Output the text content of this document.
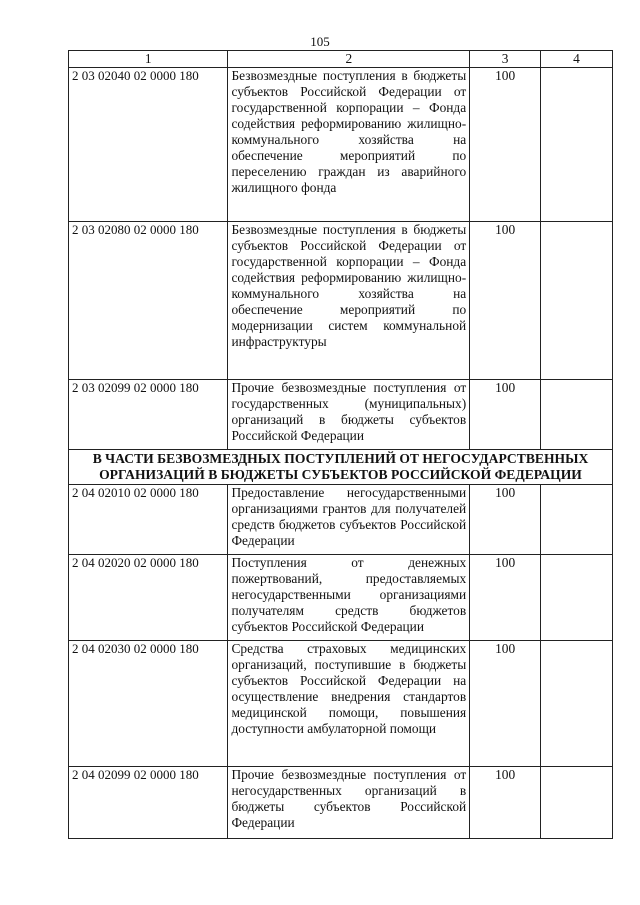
105
1	2	3	4
2 03 02040 02 0000 180	Безвозмездные поступления в бюджеты субъектов Российской Федерации от государственной корпорации – Фонда содействия реформированию жилищно-коммунального хозяйства на обеспечение мероприятий по переселению граждан из аварийного жилищного фонда	100	
2 03 02080 02 0000 180	Безвозмездные поступления в бюджеты субъектов Российской Федерации от государственной корпорации – Фонда содействия реформированию жилищно-коммунального хозяйства на обеспечение мероприятий по модернизации систем коммунальной инфраструктуры	100	
2 03 02099 02 0000 180	Прочие безвозмездные поступления от государственных (муниципальных) организаций в бюджеты субъектов Российской Федерации	100	
В ЧАСТИ БЕЗВОЗМЕЗДНЫХ ПОСТУПЛЕНИЙ ОТ НЕГОСУДАРСТВЕННЫХ ОРГАНИЗАЦИЙ В БЮДЖЕТЫ СУБЪЕКТОВ РОССИЙСКОЙ ФЕДЕРАЦИИ			
2 04 02010 02 0000 180	Предоставление негосударственными организациями грантов для получателей средств бюджетов субъектов Российской Федерации	100	
2 04 02020 02 0000 180	Поступления от денежных пожертвований, предоставляемых негосударственными организациями получателям средств бюджетов субъектов Российской Федерации	100	
2 04 02030 02 0000 180	Средства страховых медицинских организаций, поступившие в бюджеты субъектов Российской Федерации на осуществление внедрения стандартов медицинской помощи, повышения доступности амбулаторной помощи	100	
2 04 02099 02 0000 180	Прочие безвозмездные поступления от негосударственных организаций в бюджеты субъектов Российской Федерации	100	
